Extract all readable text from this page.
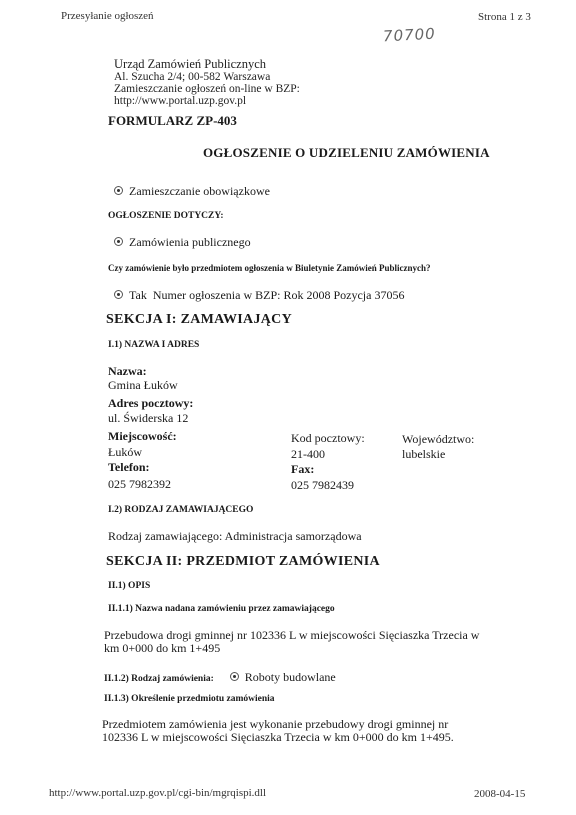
Przesyłanie ogłoszeń	Strona 1 z 3
70700
Urząd Zamówień Publicznych
Al. Szucha 2/4; 00-582 Warszawa
Zamieszczanie ogłoszeń on-line w BZP:
http://www.portal.uzp.gov.pl
FORMULARZ ZP-403
OGŁOSZENIE O UDZIELENIU ZAMÓWIENIA
Zamieszczanie obowiązkowe
OGŁOSZENIE DOTYCZY:
Zamówienia publicznego
Czy zamówienie było przedmiotem ogłoszenia w Biuletynie Zamówień Publicznych?
Tak Numer ogłoszenia w BZP: Rok 2008 Pozycja 37056
SEKCJA I: ZAMAWIAJĄCY
I.1) NAZWA I ADRES
Nazwa:
Gmina Łuków
Adres pocztowy:
ul. Świderska 12
Miejscowość:
Łuków
Kod pocztowy:
21-400
Województwo:
lubelskie
Telefon:
025 7982392
Fax:
025 7982439
I.2) RODZAJ ZAMAWIAJĄCEGO
Rodzaj zamawiającego: Administracja samorządowa
SEKCJA II: PRZEDMIOT ZAMÓWIENIA
II.1) OPIS
II.1.1) Nazwa nadana zamówieniu przez zamawiającego
Przebudowa drogi gminnej nr 102336 L w miejscowości Sięciaszka Trzecia w
km 0+000 do km 1+495
II.1.2) Rodzaj zamówienia:	Roboty budowlane
II.1.3) Określenie przedmiotu zamówienia
Przedmiotem zamówienia jest wykonanie przebudowy drogi gminnej nr
102336 L w miejscowości Sięciaszka Trzecia w km 0+000 do km 1+495.
http://www.portal.uzp.gov.pl/cgi-bin/mgrqispi.dll	2008-04-15
